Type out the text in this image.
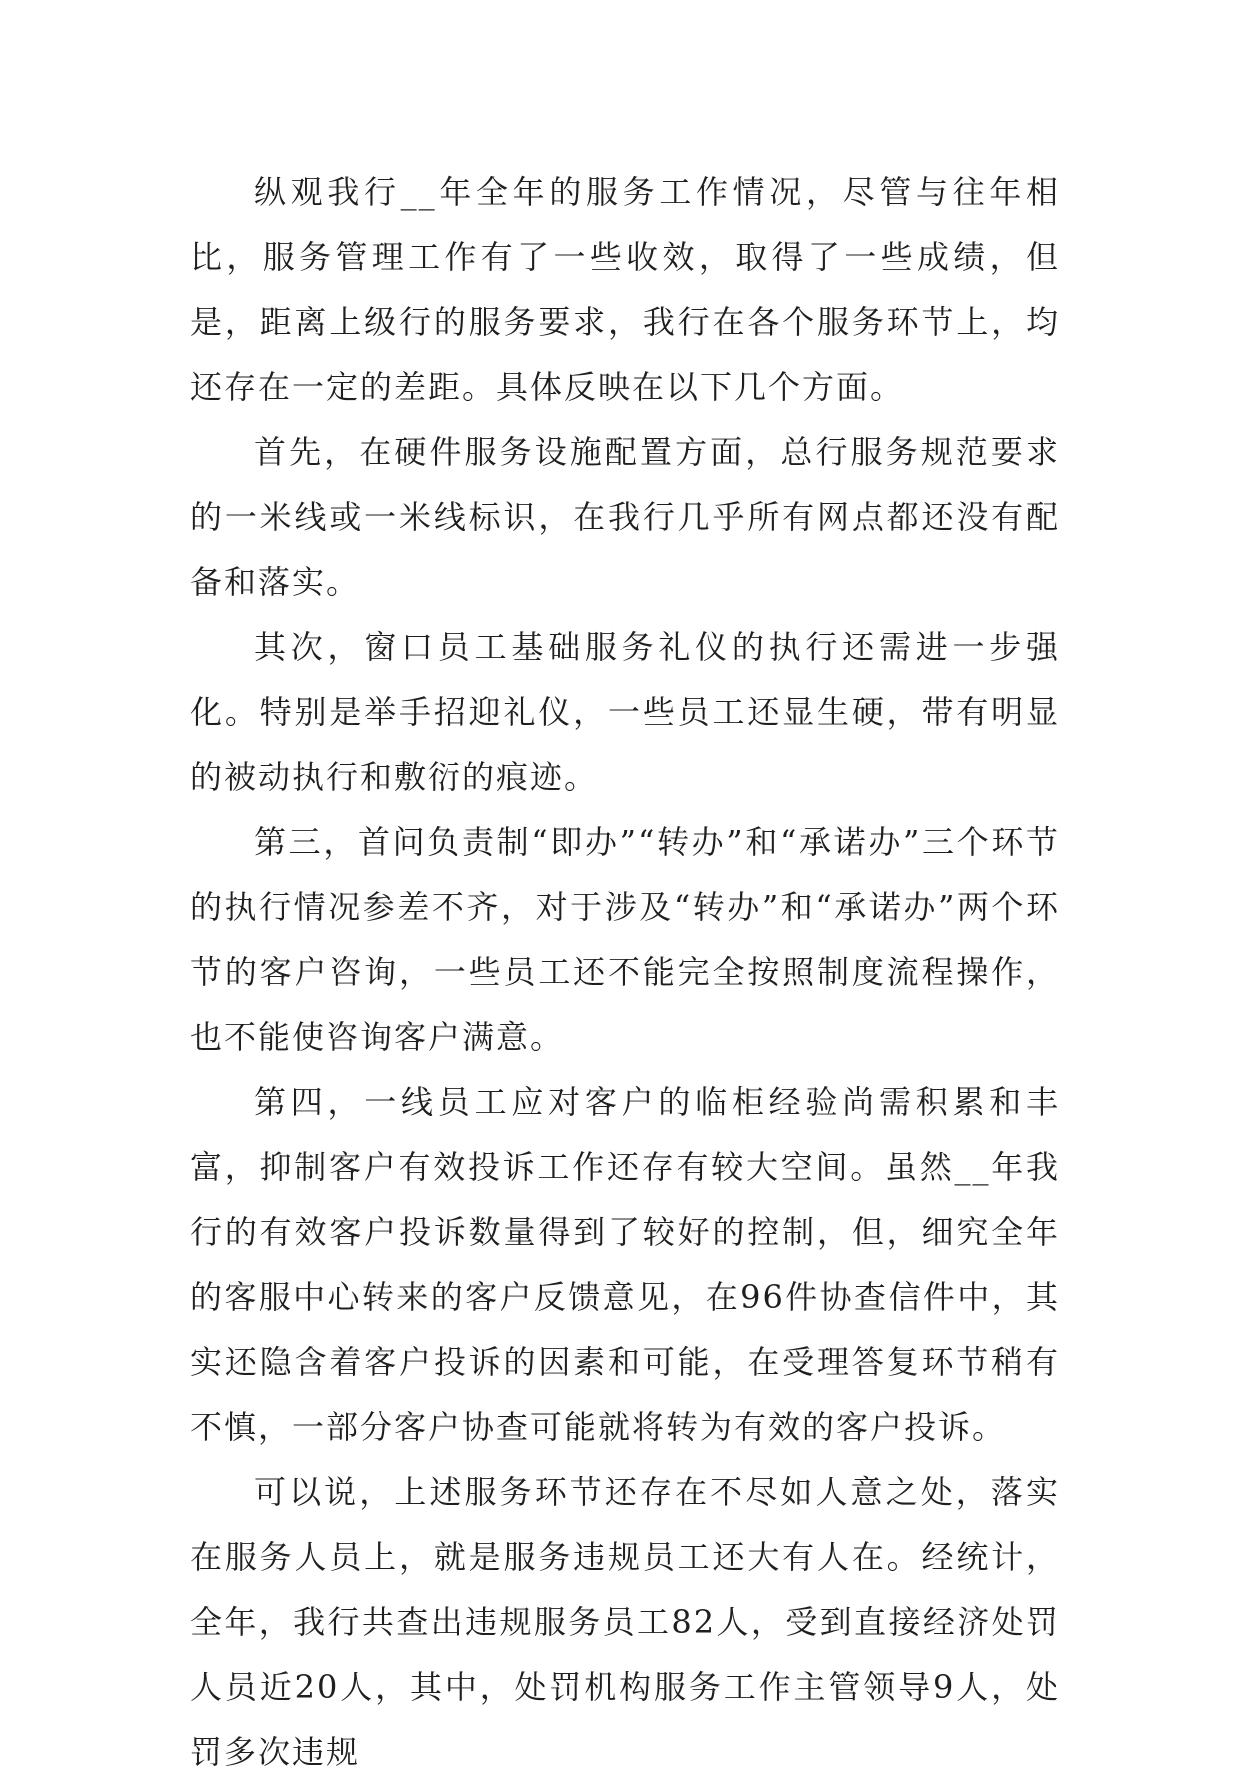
纵观我行__年全年的服务工作情况，尽管与往年相比，服务管理工作有了一些收效，取得了一些成绩，但是，距离上级行的服务要求，我行在各个服务环节上，均还存在一定的差距。具体反映在以下几个方面。

首先，在硬件服务设施配置方面，总行服务规范要求的一米线或一米线标识，在我行几乎所有网点都还没有配备和落实。

其次，窗口员工基础服务礼仪的执行还需进一步强化。特别是举手招迎礼仪，一些员工还显生硬，带有明显的被动执行和敷衍的痕迹。

第三，首问负责制“即办”“转办”和“承诺办”三个环节的执行情况参差不齐，对于涉及“转办”和“承诺办”两个环节的客户咨询，一些员工还不能完全按照制度流程操作，也不能使咨询客户满意。

第四，一线员工应对客户的临柜经验尚需积累和丰富，抑制客户有效投诉工作还存有较大空间。虽然__年我行的有效客户投诉数量得到了较好的控制，但，细究全年的客服中心转来的客户反馈意见，在96件协查信件中，其实还隐含着客户投诉的因素和可能，在受理答复环节稍有不慎，一部分客户协查可能就将转为有效的客户投诉。

可以说，上述服务环节还存在不尽如人意之处，落实在服务人员上，就是服务违规员工还大有人在。经统计，全年，我行共查出违规服务员工82人，受到直接经济处罚人员近20人，其中，处罚机构服务工作主管领导9人，处罚多次违规
